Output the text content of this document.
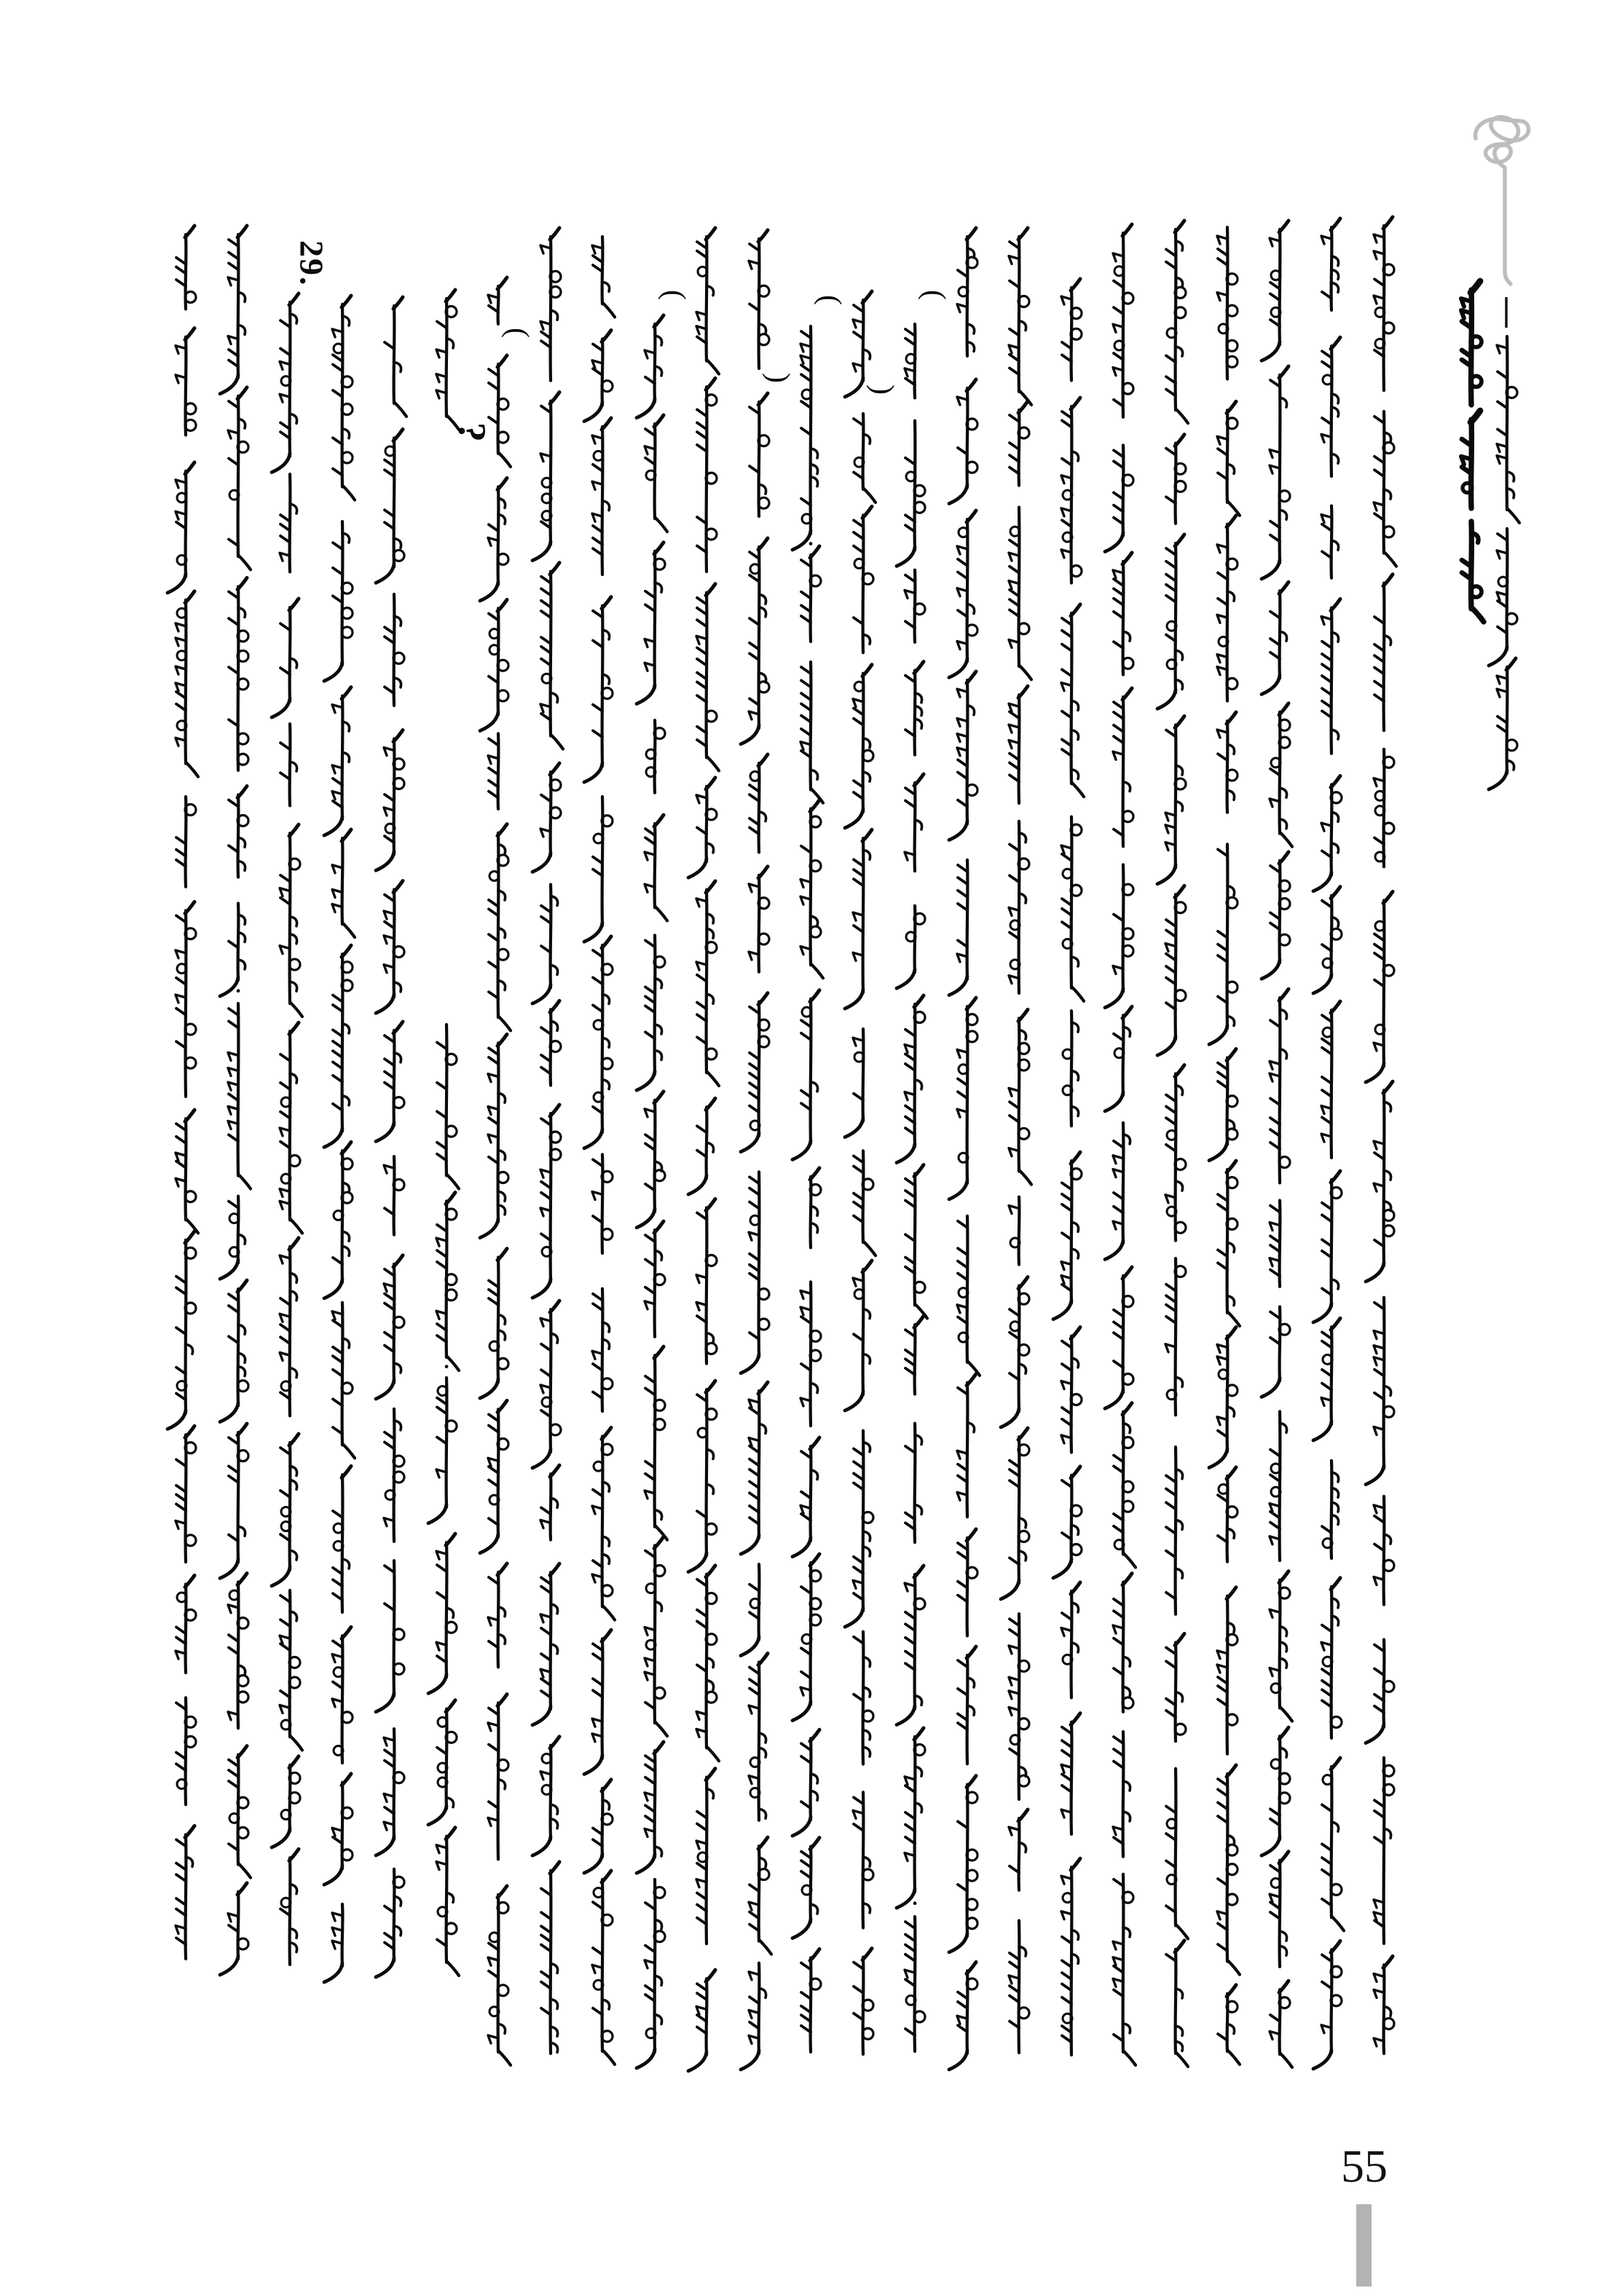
29.
?
(
(	( (
)
)
·
·
·
·
55
